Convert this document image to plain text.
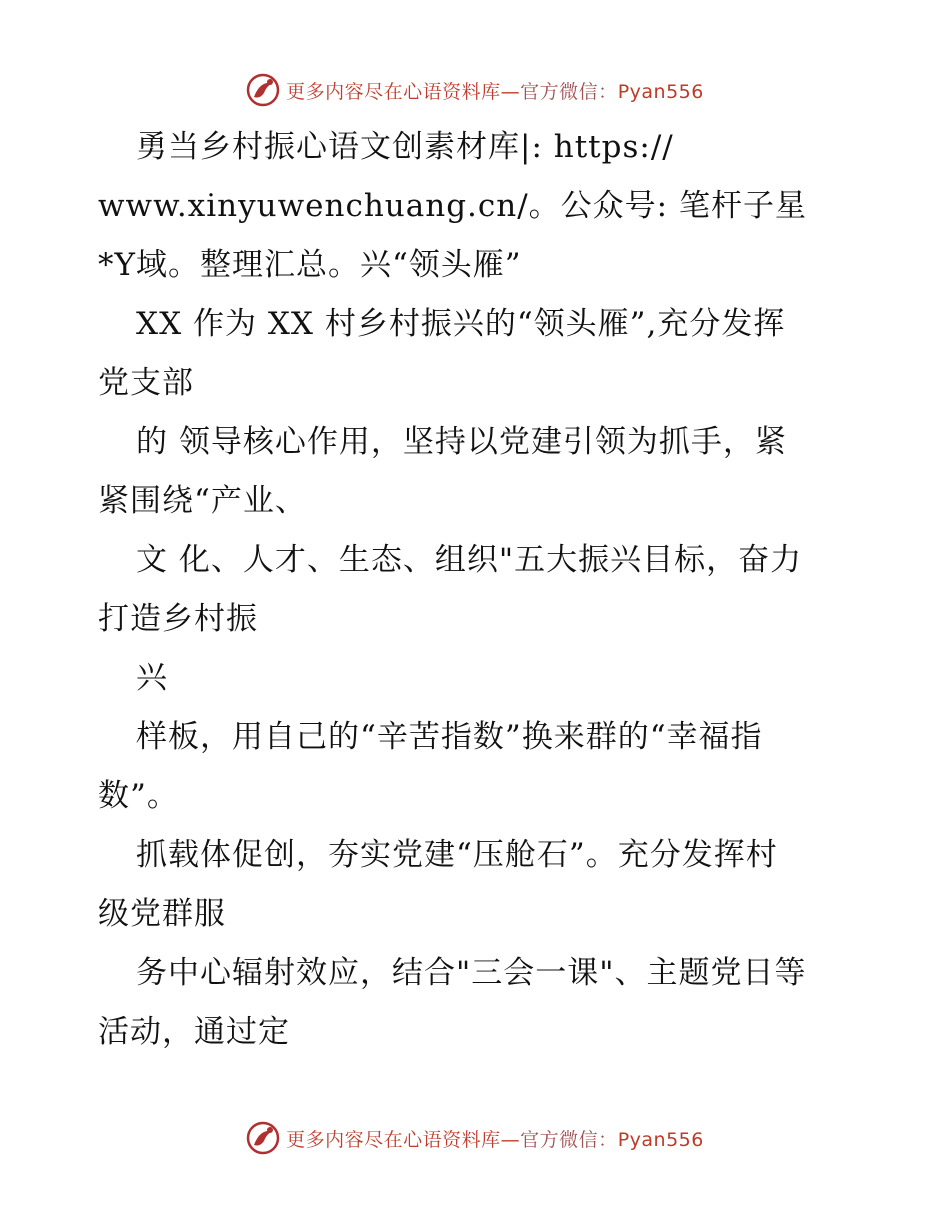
更多内容尽在心语资料库—官方微信：Pyan556
勇当乡村振心语文创素材库|: https://
www.xinyuwenchuang.cn/。公众号: 笔杆子星
*Y域。整理汇总。兴“领头雁”
XX 作为 XX 村乡村振兴的“领头雁”,充分发挥
党支部
的 领导核心作用，坚持以党建引领为抓手，紧
紧围绕“产业、
文 化、人才、生态、组织"五大振兴目标，奋力
打造乡村振
兴
样板，用自己的“辛苦指数”换来群的“幸福指
数”。
抓载体促创，夯实党建“压舱石”。充分发挥村
级党群服
务中心辐射效应，结合"三会一课"、主题党日等
活动，通过定
更多内容尽在心语资料库—官方微信：Pyan556
